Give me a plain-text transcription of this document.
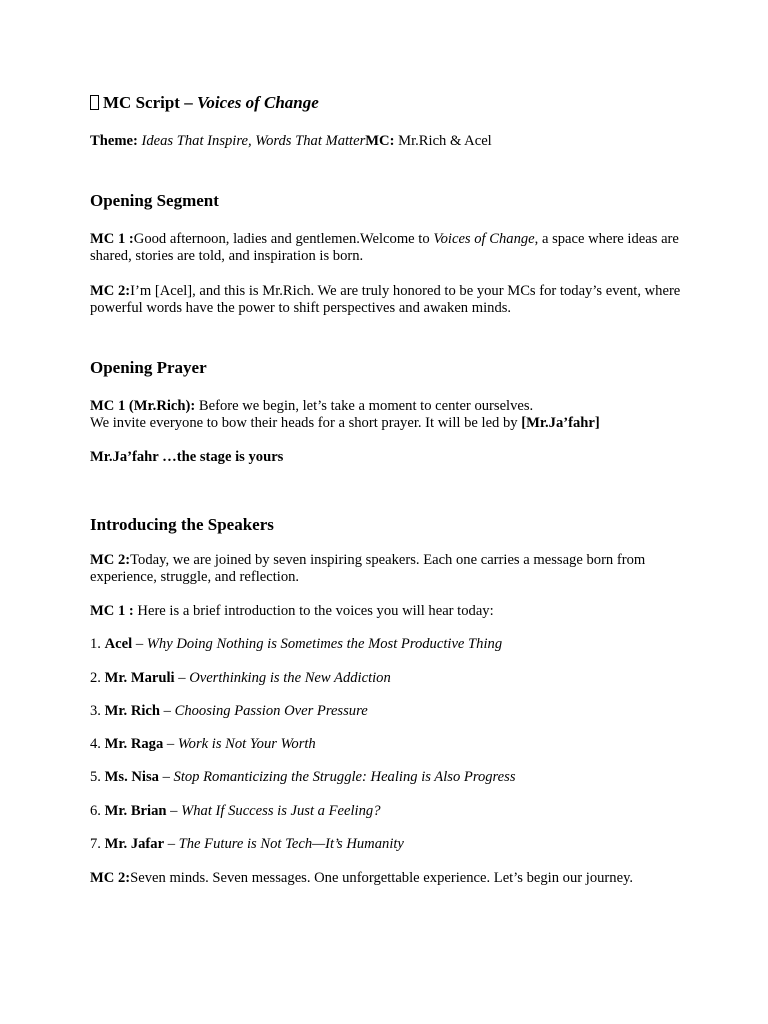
MC Script – Voices of Change

Theme: Ideas That Inspire, Words That MatterMC: Mr.Rich & Acel

Opening Segment

MC 1 :Good afternoon, ladies and gentlemen.Welcome to Voices of Change, a space where ideas are shared, stories are told, and inspiration is born.

MC 2:I’m [Acel], and this is Mr.Rich. We are truly honored to be your MCs for today’s event, where powerful words have the power to shift perspectives and awaken minds.

Opening Prayer

MC 1 (Mr.Rich): Before we begin, let’s take a moment to center ourselves.
We invite everyone to bow their heads for a short prayer. It will be led by [Mr.Ja’fahr]

Mr.Ja’fahr …the stage is yours

Introducing the Speakers

MC 2:Today, we are joined by seven inspiring speakers. Each one carries a message born from experience, struggle, and reflection.

MC 1 : Here is a brief introduction to the voices you will hear today:

1. Acel – Why Doing Nothing is Sometimes the Most Productive Thing

2. Mr. Maruli – Overthinking is the New Addiction

3. Mr. Rich – Choosing Passion Over Pressure

4. Mr. Raga – Work is Not Your Worth

5. Ms. Nisa – Stop Romanticizing the Struggle: Healing is Also Progress

6. Mr. Brian – What If Success is Just a Feeling?

7. Mr. Jafar – The Future is Not Tech—It’s Humanity

MC 2:Seven minds. Seven messages. One unforgettable experience. Let’s begin our journey.
